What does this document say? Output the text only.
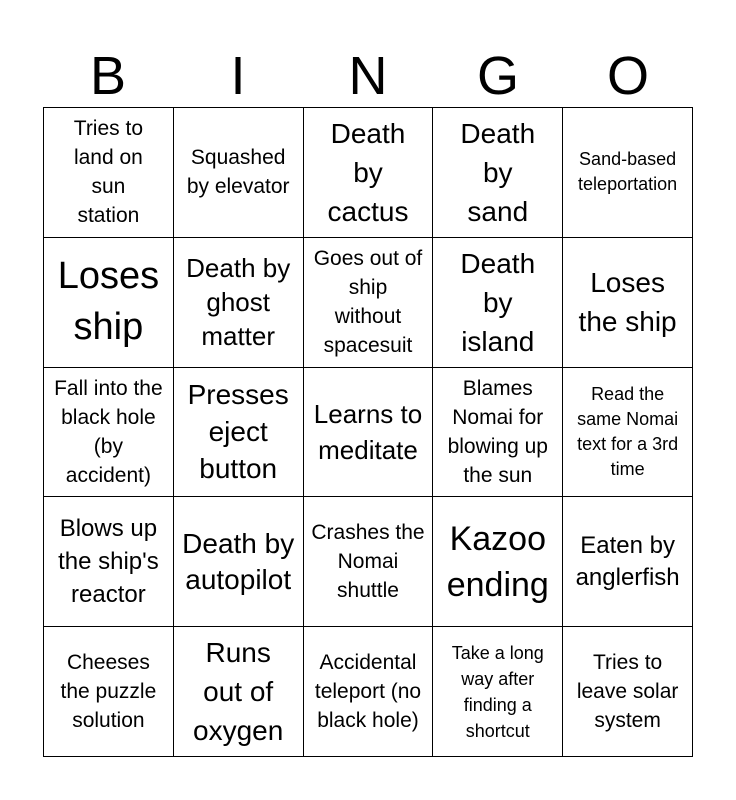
B	I	N	G	O
Tries to land on sun station
Squashed by elevator
Death by cactus
Death by sand
Sand-based teleportation
Loses ship
Death by ghost matter
Goes out of ship without spacesuit
Death by island
Loses the ship
Fall into the black hole (by accident)
Presses eject button
Learns to meditate
Blames Nomai for blowing up the sun
Read the same Nomai text for a 3rd time
Blows up the ship's reactor
Death by autopilot
Crashes the Nomai shuttle
Kazoo ending
Eaten by anglerfish
Cheeses the puzzle solution
Runs out of oxygen
Accidental teleport (no black hole)
Take a long way after finding a shortcut
Tries to leave solar system
